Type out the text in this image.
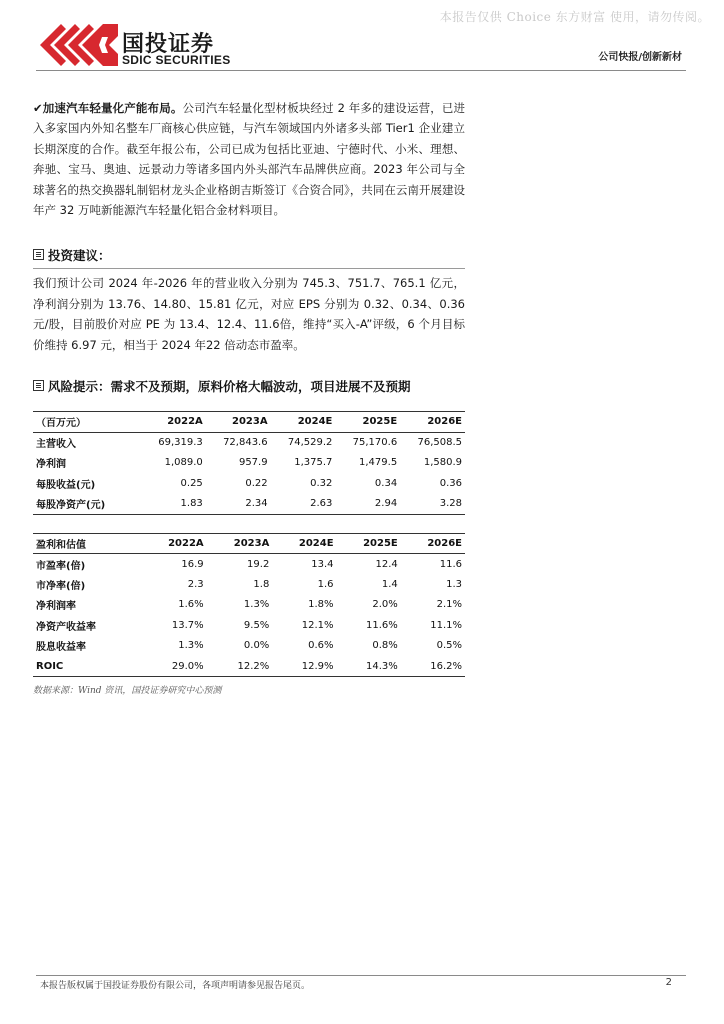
本报告仅供 Choice 东方财富 使用，请勿传阅。
国投证券
SDIC SECURITIES	公司快报/创新新材
✔加速汽车轻量化产能布局。公司汽车轻量化型材板块经过 2 年多的建设运营，已进入多家国内外知名整车厂商核心供应链，与汽车领域国内外诸多头部 Tier1 企业建立长期深度的合作。截至年报公布，公司已成为包括比亚迪、宁德时代、小米、理想、奔驰、宝马、奥迪、远景动力等诸多国内外头部汽车品牌供应商。2023 年公司与全球著名的热交换器轧制铝材龙头企业格朗吉斯签订《合资合同》，共同在云南开展建设年产 32 万吨新能源汽车轻量化铝合金材料项目。
投资建议：
我们预计公司 2024 年-2026 年的营业收入分别为 745.3、751.7、765.1 亿元，净利润分别为 13.76、14.80、15.81 亿元，对应 EPS 分别为 0.32、0.34、0.36 元/股，目前股价对应 PE 为 13.4、12.4、11.6倍，维持“买入-A”评级，6 个月目标价维持 6.97 元，相当于 2024 年22 倍动态市盈率。
风险提示：需求不及预期，原料价格大幅波动，项目进展不及预期
（百万元）	2022A	2023A	2024E	2025E	2026E
主营收入	69,319.3	72,843.6	74,529.2	75,170.6	76,508.5
净利润	1,089.0	957.9	1,375.7	1,479.5	1,580.9
每股收益(元)	0.25	0.22	0.32	0.34	0.36
每股净资产(元)	1.83	2.34	2.63	2.94	3.28
盈利和估值	2022A	2023A	2024E	2025E	2026E
市盈率(倍)	16.9	19.2	13.4	12.4	11.6
市净率(倍)	2.3	1.8	1.6	1.4	1.3
净利润率	1.6%	1.3%	1.8%	2.0%	2.1%
净资产收益率	13.7%	9.5%	12.1%	11.6%	11.1%
股息收益率	1.3%	0.0%	0.6%	0.8%	0.5%
ROIC	29.0%	12.2%	12.9%	14.3%	16.2%
数据来源：Wind 资讯，国投证券研究中心预测
本报告版权属于国投证券股份有限公司，各项声明请参见报告尾页。	2
